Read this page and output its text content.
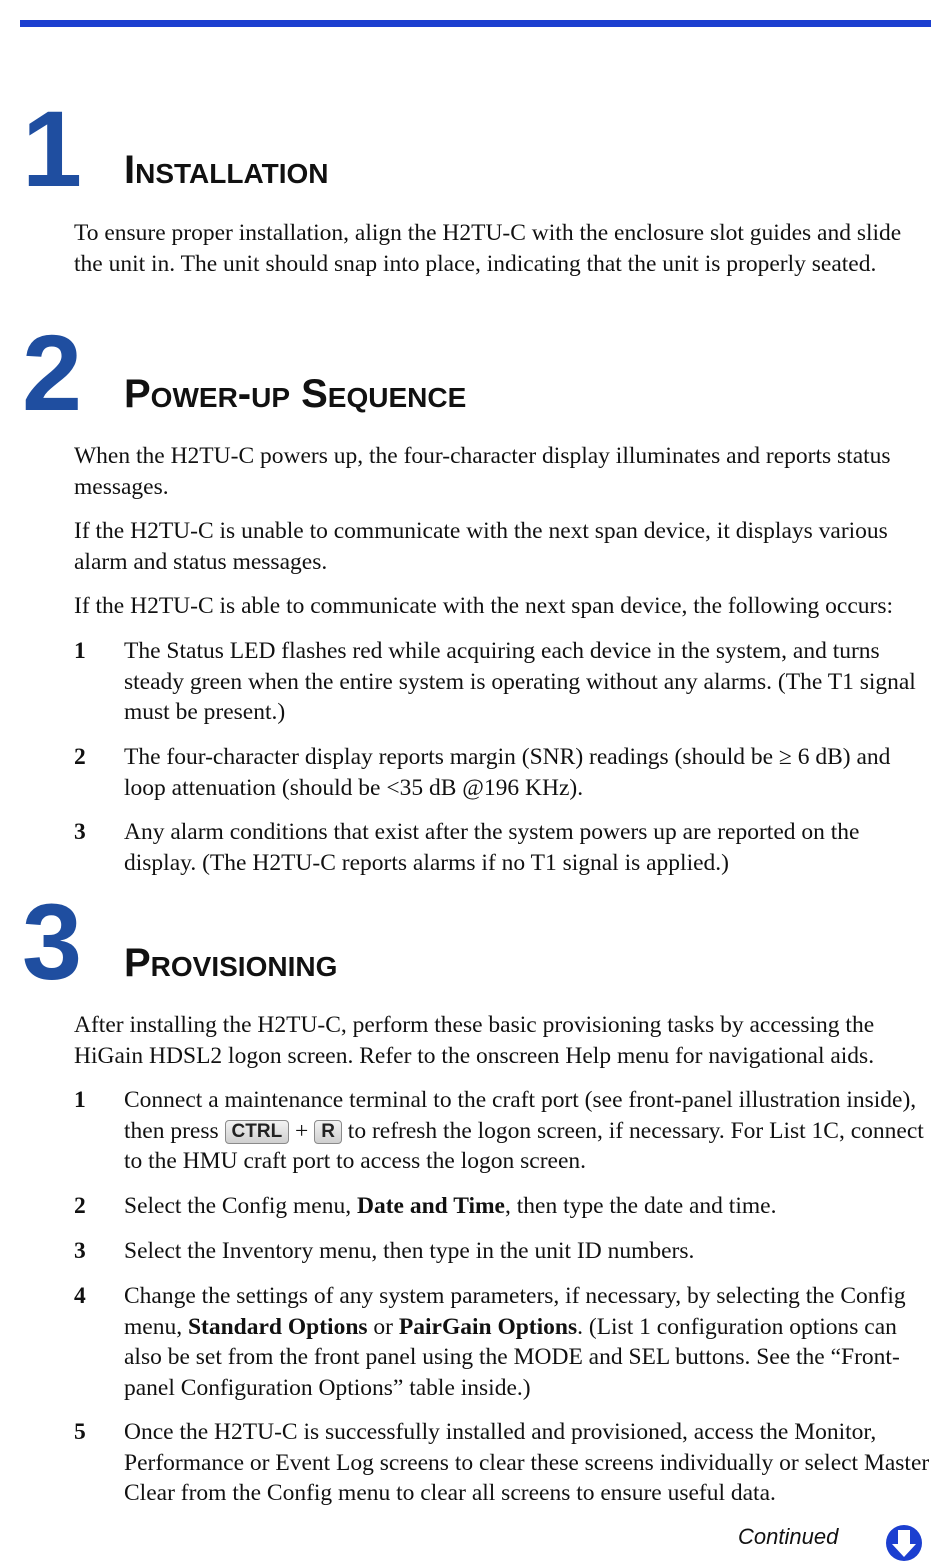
1 Installation

To ensure proper installation, align the H2TU-C with the enclosure slot guides and slide the unit in. The unit should snap into place, indicating that the unit is properly seated.

2 Power-up Sequence

When the H2TU-C powers up, the four-character display illuminates and reports status messages.

If the H2TU-C is unable to communicate with the next span device, it displays various alarm and status messages.

If the H2TU-C is able to communicate with the next span device, the following occurs:

1 The Status LED flashes red while acquiring each device in the system, and turns steady green when the entire system is operating without any alarms. (The T1 signal must be present.)
2 The four-character display reports margin (SNR) readings (should be ≥ 6 dB) and loop attenuation (should be <35 dB @196 KHz).
3 Any alarm conditions that exist after the system powers up are reported on the display. (The H2TU-C reports alarms if no T1 signal is applied.)
3 Provisioning

After installing the H2TU-C, perform these basic provisioning tasks by accessing the HiGain HDSL2 logon screen. Refer to the onscreen Help menu for navigational aids.

1 Connect a maintenance terminal to the craft port (see front-panel illustration inside), then press CTRL + R to refresh the logon screen, if necessary. For List 1C, connect to the HMU craft port to access the logon screen.
2 Select the Config menu, Date and Time, then type the date and time.
3 Select the Inventory menu, then type in the unit ID numbers.
4 Change the settings of any system parameters, if necessary, by selecting the Config menu, Standard Options or PairGain Options. (List 1 configuration options can also be set from the front panel using the MODE and SEL buttons. See the “Front-panel Configuration Options” table inside.)
5 Once the H2TU-C is successfully installed and provisioned, access the Monitor, Performance or Event Log screens to clear these screens individually or select Master Clear from the Config menu to clear all screens to ensure useful data.
Continued
